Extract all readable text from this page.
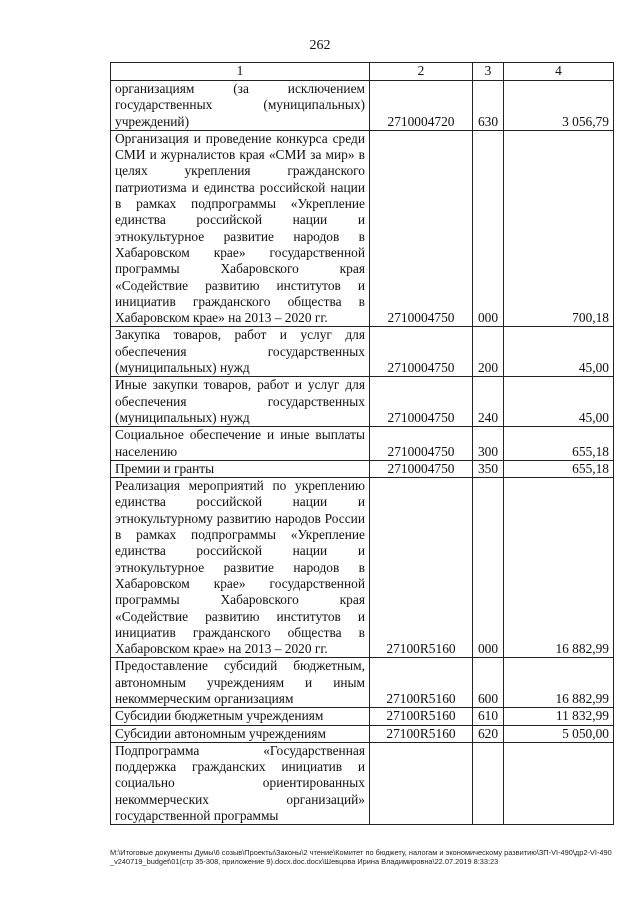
262
1	2	3	4
организациям (за исключением государственных (муниципальных) учреждений)	2710004720	630	3 056,79
Организация и проведение конкурса среди СМИ и журналистов края «СМИ за мир» в целях укрепления гражданского патриотизма и единства российской нации в рамках подпрограммы «Укрепление единства российской нации и этнокультурное развитие народов в Хабаровском крае» государственной программы Хабаровского края «Содействие развитию институтов и инициатив гражданского общества в Хабаровском крае» на 2013 – 2020 гг.	2710004750	000	700,18
Закупка товаров, работ и услуг для обеспечения государственных (муниципальных) нужд	2710004750	200	45,00
Иные закупки товаров, работ и услуг для обеспечения государственных (муниципальных) нужд	2710004750	240	45,00
Социальное обеспечение и иные выплаты населению	2710004750	300	655,18
Премии и гранты	2710004750	350	655,18
Реализация мероприятий по укреплению единства российской нации и этнокультурному развитию народов России в рамках подпрограммы «Укрепление единства российской нации и этнокультурное развитие народов в Хабаровском крае» государственной программы Хабаровского края «Содействие развитию институтов и инициатив гражданского общества в Хабаровском крае» на 2013 – 2020 гг.	27100R5160	000	16 882,99
Предоставление субсидий бюджетным, автономным учреждениям и иным некоммерческим организациям	27100R5160	600	16 882,99
Субсидии бюджетным учреждениям	27100R5160	610	11 832,99
Субсидии автономным учреждениям	27100R5160	620	5 050,00
Подпрограмма «Государственная поддержка гражданских инициатив и социально ориентированных некоммерческих организаций» государственной программы			
M:\Итоговые документы Думы\6 созыв\Проекты\Законы\2 чтение\Комитет по бюджету, налогам и экономическому развитию\ЗП-VI-490\др2-VI-490_v240719_budget\01(стр 35-308, приложение 9).docx.doc.docx\Шевцова Ирина Владимировна\22.07.2019 8:33:23
